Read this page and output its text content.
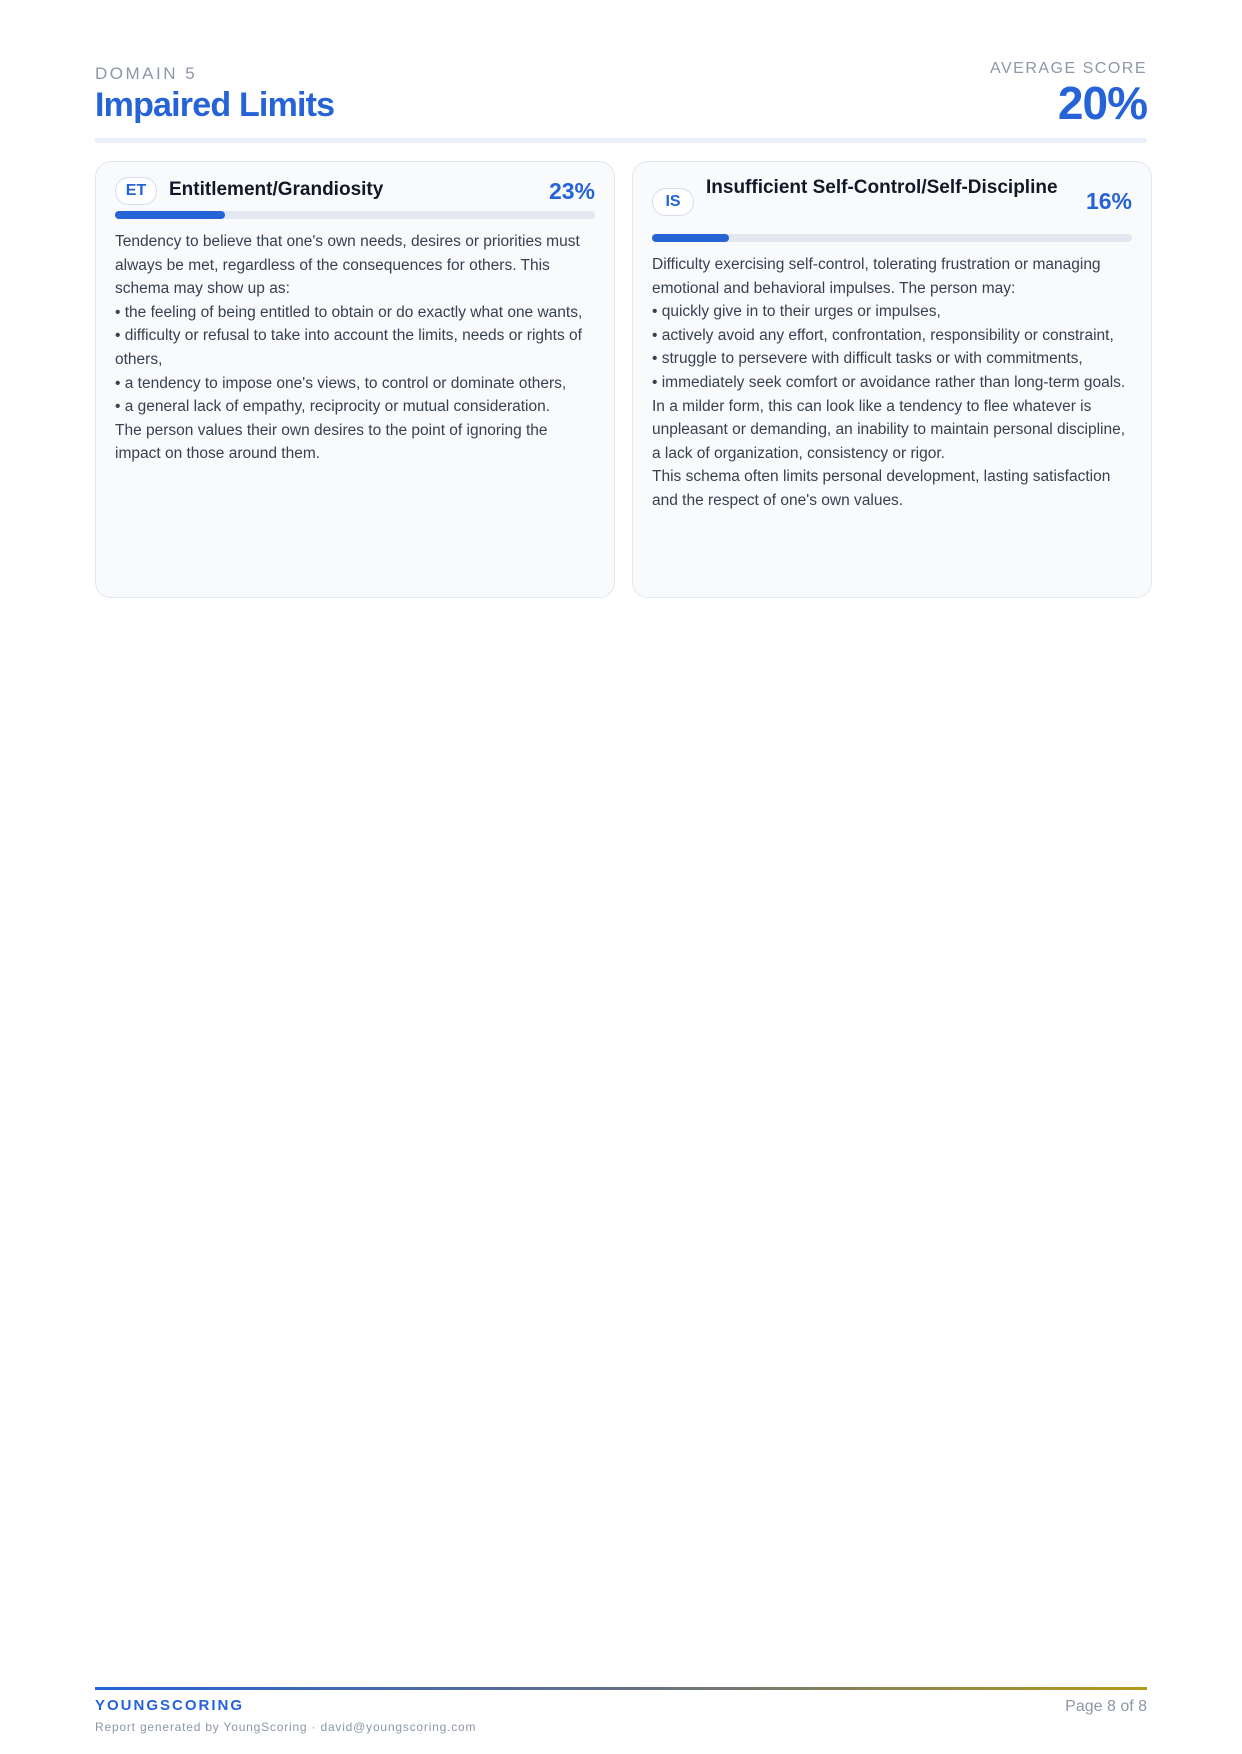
DOMAIN 5
Impaired Limits
AVERAGE SCORE
20%
ET	Entitlement/Grandiosity	23%

Tendency to believe that one's own needs, desires or priorities must always be met, regardless of the consequences for others. This schema may show up as:

• the feeling of being entitled to obtain or do exactly what one wants,

• difficulty or refusal to take into account the limits, needs or rights of others,

• a tendency to impose one's views, to control or dominate others,

• a general lack of empathy, reciprocity or mutual consideration.

The person values their own desires to the point of ignoring the impact on those around them.

IS
Insufficient Self-Control/Self-Discipline
16%

Difficulty exercising self-control, tolerating frustration or managing emotional and behavioral impulses. The person may:

• quickly give in to their urges or impulses,

• actively avoid any effort, confrontation, responsibility or constraint,

• struggle to persevere with difficult tasks or with commitments,

• immediately seek comfort or avoidance rather than long-term goals.

In a milder form, this can look like a tendency to flee whatever is unpleasant or demanding, an inability to maintain personal discipline, a lack of organization, consistency or rigor.

This schema often limits personal development, lasting satisfaction and the respect of one's own values.

YOUNGSCORING
Report generated by YoungScoring · david@youngscoring.com
Page 8 of 8
